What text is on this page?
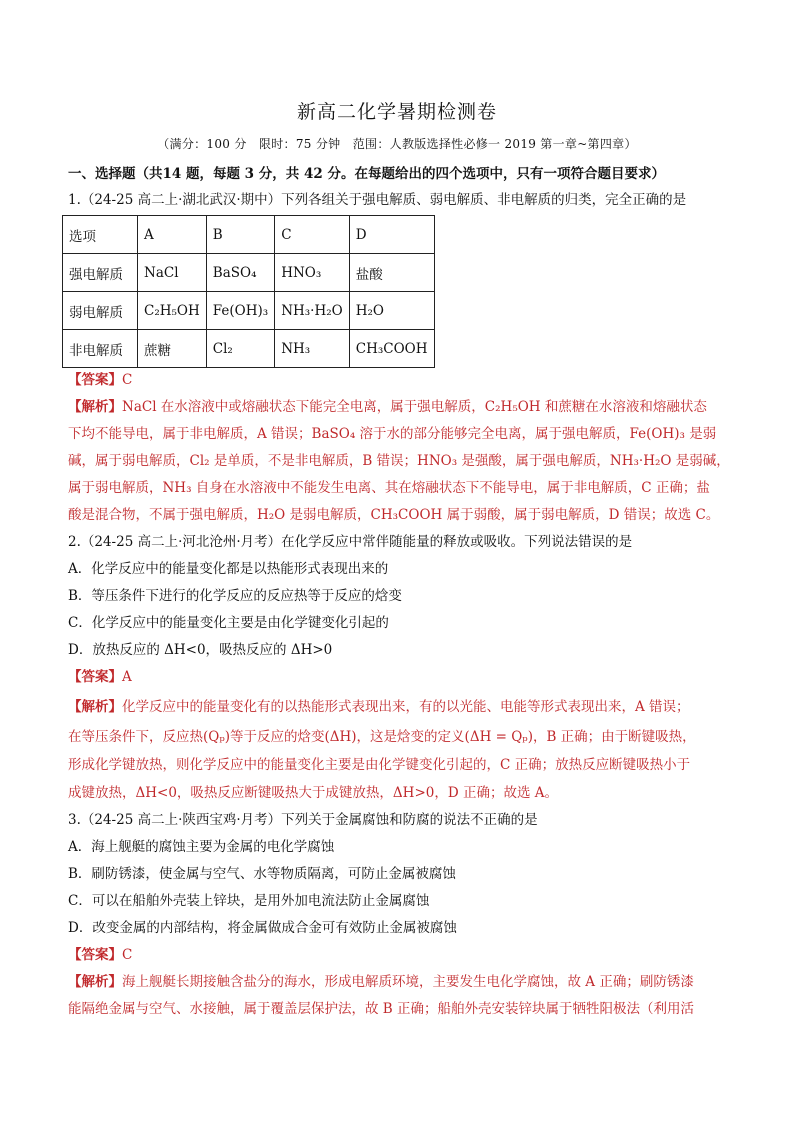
新高二化学暑期检测卷
（满分：100 分　限时：75 分钟　范围：人教版选择性必修一 2019 第一章~第四章）
一、选择题（共14 题，每题 3 分，共 42 分。在每题给出的四个选项中，只有一项符合题目要求）
1.（24-25 高二上·湖北武汉·期中）下列各组关于强电解质、弱电解质、非电解质的归类，完全正确的是
选项	A	B	C	D
强电解质	NaCl	BaSO₄	HNO₃	盐酸
弱电解质	C₂H₅OH	Fe(OH)₃	NH₃·H₂O	H₂O
非电解质	蔗糖	Cl₂	NH₃	CH₃COOH
【答案】C
【解析】NaCl 在水溶液中或熔融状态下能完全电离，属于强电解质，C₂H₅OH 和蔗糖在水溶液和熔融状态
下均不能导电，属于非电解质，A 错误；BaSO₄ 溶于水的部分能够完全电离，属于强电解质，Fe(OH)₃ 是弱
碱，属于弱电解质，Cl₂ 是单质，不是非电解质，B 错误；HNO₃ 是强酸，属于强电解质，NH₃·H₂O 是弱碱，
属于弱电解质，NH₃ 自身在水溶液中不能发生电离、其在熔融状态下不能导电，属于非电解质，C 正确；盐
酸是混合物，不属于强电解质，H₂O 是弱电解质，CH₃COOH 属于弱酸，属于弱电解质，D 错误；故选 C。
2.（24-25 高二上·河北沧州·月考）在化学反应中常伴随能量的释放或吸收。下列说法错误的是
A．化学反应中的能量变化都是以热能形式表现出来的
B．等压条件下进行的化学反应的反应热等于反应的焓变
C．化学反应中的能量变化主要是由化学键变化引起的
D．放热反应的 ΔH<0，吸热反应的 ΔH>0
【答案】A
【解析】化学反应中的能量变化有的以热能形式表现出来，有的以光能、电能等形式表现出来，A 错误；
在等压条件下，反应热(Qₚ)等于反应的焓变(ΔH)，这是焓变的定义(ΔH = Qₚ)，B 正确；由于断键吸热，
形成化学键放热，则化学反应中的能量变化主要是由化学键变化引起的，C 正确；放热反应断键吸热小于
成键放热，ΔH<0，吸热反应断键吸热大于成键放热，ΔH>0，D 正确；故选 A。
3.（24-25 高二上·陕西宝鸡·月考）下列关于金属腐蚀和防腐的说法不正确的是
A．海上舰艇的腐蚀主要为金属的电化学腐蚀
B．刷防锈漆，使金属与空气、水等物质隔离，可防止金属被腐蚀
C．可以在船舶外壳装上锌块，是用外加电流法防止金属腐蚀
D．改变金属的内部结构，将金属做成合金可有效防止金属被腐蚀
【答案】C
【解析】海上舰艇长期接触含盐分的海水，形成电解质环境，主要发生电化学腐蚀，故 A 正确；刷防锈漆
能隔绝金属与空气、水接触，属于覆盖层保护法，故 B 正确；船舶外壳安装锌块属于牺牲阳极法（利用活
